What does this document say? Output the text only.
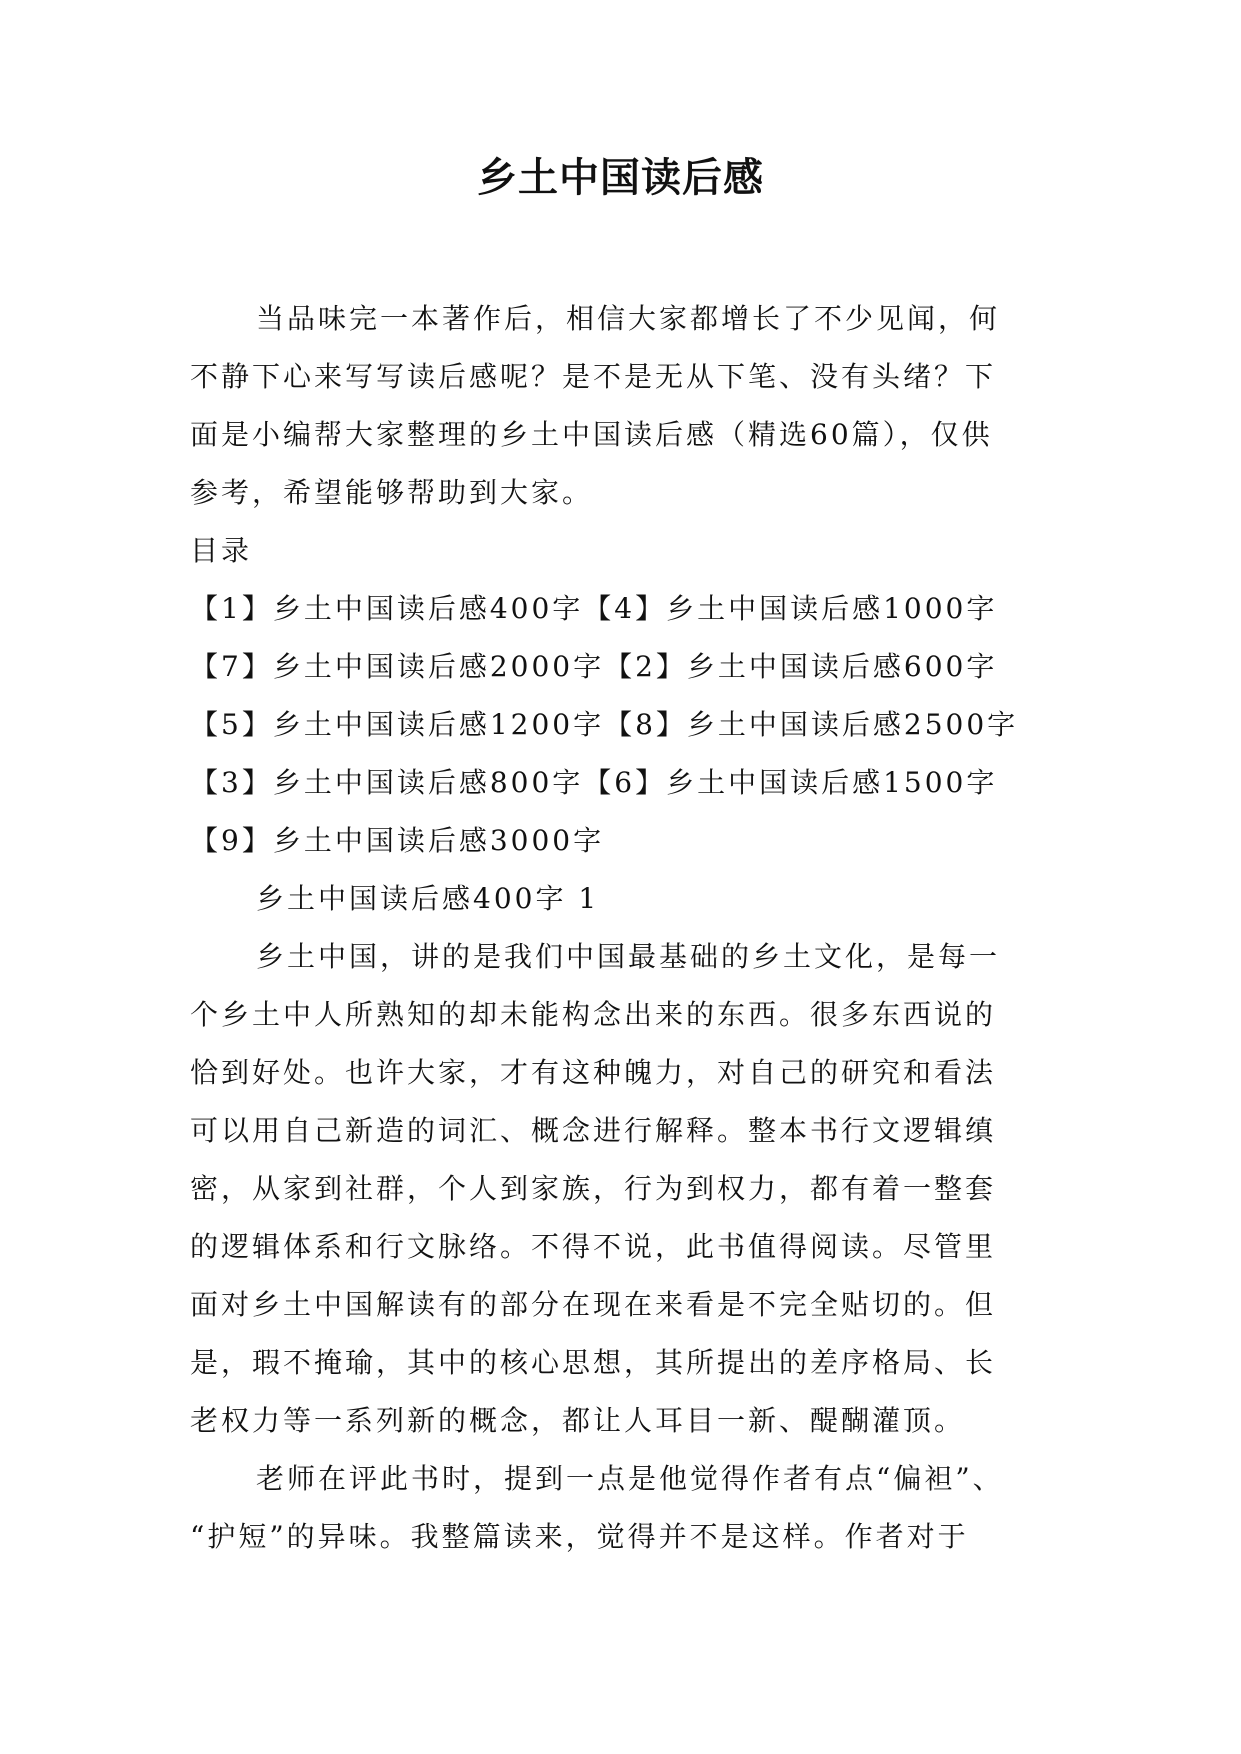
乡土中国读后感
当品味完一本著作后，相信大家都增长了不少见闻，何
不静下心来写写读后感呢？是不是无从下笔、没有头绪？下
面是小编帮大家整理的乡土中国读后感（精选60篇），仅供
参考，希望能够帮助到大家。
目录
【1】乡土中国读后感400字【4】乡土中国读后感1000字
【7】乡土中国读后感2000字【2】乡土中国读后感600字
【5】乡土中国读后感1200字【8】乡土中国读后感2500字
【3】乡土中国读后感800字【6】乡土中国读后感1500字
【9】乡土中国读后感3000字
乡土中国读后感400字 1
乡土中国，讲的是我们中国最基础的乡土文化，是每一
个乡土中人所熟知的却未能构念出来的东西。很多东西说的
恰到好处。也许大家，才有这种魄力，对自己的研究和看法
可以用自己新造的词汇、概念进行解释。整本书行文逻辑缜
密，从家到社群，个人到家族，行为到权力，都有着一整套
的逻辑体系和行文脉络。不得不说，此书值得阅读。尽管里
面对乡土中国解读有的部分在现在来看是不完全贴切的。但
是，瑕不掩瑜，其中的核心思想，其所提出的差序格局、长
老权力等一系列新的概念，都让人耳目一新、醍醐灌顶。
老师在评此书时，提到一点是他觉得作者有点“偏袒”、
“护短”的异味。我整篇读来，觉得并不是这样。作者对于
